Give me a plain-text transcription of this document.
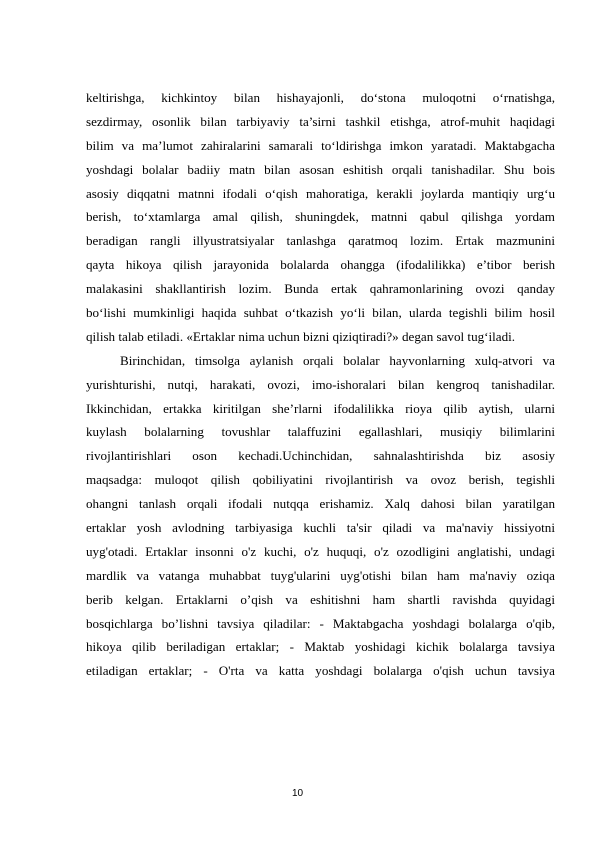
keltirishga, kichkintoy bilan hishayajonli, do‘stona muloqotni o‘rnatishga,
sezdirmay, osonlik bilan tarbiyaviy ta’sirni tashkil etishga, atrof-muhit haqidagi
bilim va ma’lumot zahiralarini samarali to‘ldirishga imkon yaratadi. Maktabgacha
yoshdagi bolalar badiiy matn bilan asosan eshitish orqali tanishadilar. Shu bois
asosiy diqqatni matnni ifodali o‘qish mahoratiga, kerakli joylarda mantiqiy urg‘u
berish, to‘xtamlarga amal qilish, shuningdek, matnni qabul qilishga yordam
beradigan rangli illyustratsiyalar tanlashga qaratmoq lozim. Ertak mazmunini
qayta hikoya qilish jarayonida bolalarda ohangga (ifodalilikka) e’tibor berish
malakasini shakllantirish lozim. Bunda ertak qahramonlarining ovozi qanday
bo‘lishi mumkinligi haqida suhbat o‘tkazish yo‘li bilan, ularda tegishli bilim hosil
qilish talab etiladi. «Ertaklar nima uchun bizni qiziqtiradi?» degan savol tug‘iladi.
Birinchidan, timsolga aylanish orqali bolalar hayvonlarning xulq-atvori va
yurishturishi, nutqi, harakati, ovozi, imo-ishoralari bilan kengroq tanishadilar.
Ikkinchidan, ertakka kiritilgan she’rlarni ifodalilikka rioya qilib aytish, ularni
kuylash bolalarning tovushlar talaffuzini egallashlari, musiqiy bilimlarini
rivojlantirishlari oson kechadi.Uchinchidan, sahnalashtirishda biz asosiy
maqsadga: muloqot qilish qobiliyatini rivojlantirish va ovoz berish, tegishli
ohangni tanlash orqali ifodali nutqqa erishamiz. Xalq dahosi bilan yaratilgan
ertaklar yosh avlodning tarbiyasiga kuchli ta'sir qiladi va ma'naviy hissiyotni
uyg'otadi. Ertaklar insonni o'z kuchi, o'z huquqi, o'z ozodligini anglatishi, undagi
mardlik va vatanga muhabbat tuyg'ularini uyg'otishi bilan ham ma'naviy oziqa
berib kelgan. Ertaklarni o’qish va eshitishni ham shartli ravishda quyidagi
bosqichlarga bo’lishni tavsiya qiladilar: - Maktabgacha yoshdagi bolalarga o'qib,
hikoya qilib beriladigan ertaklar; - Maktab yoshidagi kichik bolalarga tavsiya
etiladigan ertaklar; - O'rta va katta yoshdagi bolalarga o'qish uchun tavsiya
10
